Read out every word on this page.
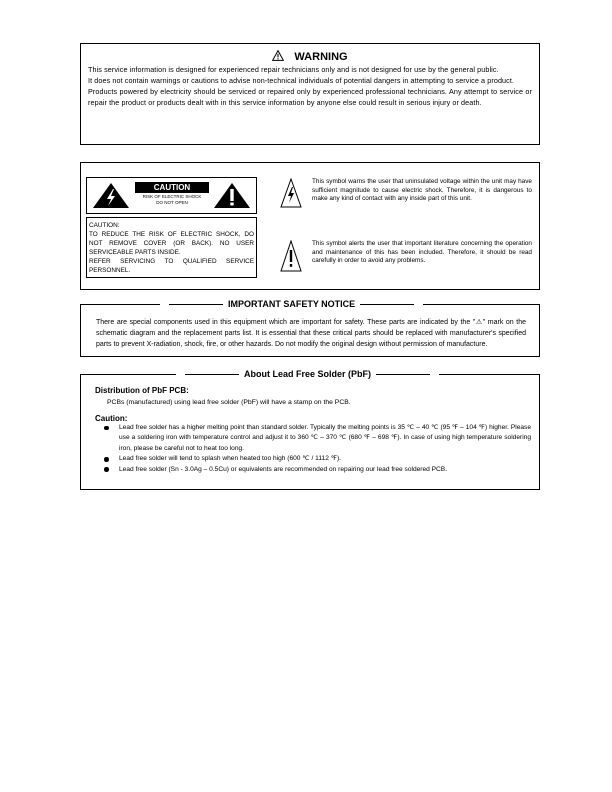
WARNING

This service information is designed for experienced repair technicians only and is not designed for use by the general public.

It does not contain warnings or cautions to advise non-technical individuals of potential dangers in attempting to service a product.

Products powered by electricity should be serviced or repaired only by experienced professional technicians. Any attempt to service or repair the product or products dealt with in this service information by anyone else could result in serious injury or death.

CAUTION
RISK OF ELECTRIC SHOCK
DO NOT OPEN

CAUTION:

TO REDUCE THE RISK OF ELECTRIC SHOCK, DO NOT REMOVE COVER (OR BACK). NO USER SERVICEABLE PARTS INSIDE.

REFER SERVICING TO QUALIFIED SERVICE PERSONNEL.

This symbol warns the user that uninsulated voltage within the unit may have sufficient magnitude to cause electric shock. Therefore, it is dangerous to make any kind of contact with any inside part of this unit.

This symbol alerts the user that important literature concerning the operation and maintenance of this has been included. Therefore, it should be read carefully in order to avoid any problems.

There are special components used in this equipment which are important for safety. These parts are indicated by the "⚠" mark on the schematic diagram and the replacement parts list. It is essential that these critical parts should be replaced with manufacturer's specified parts to prevent X-radiation, shock, fire, or other hazards. Do not modify the original design without permission of manufacture.

IMPORTANT SAFETY NOTICE
Distribution of PbF PCB:
PCBs (manufactured) using lead free solder (PbF) will have a stamp on the PCB.
Caution:
Lead free solder has a higher melting point than standard solder. Typically the melting points is 35 ℃ – 40 ℃ (95 ℉ – 104 ℉) higher. Please use a soldering iron with temperature control and adjust it to 360 ℃ – 370 ℃ (680 ℉ – 698 ℉). In case of using high temperature soldering iron, please be careful not to heat too long.
Lead free solder will tend to splash when heated too high (600 ℃ / 1112 ℉).
Lead free solder (Sn - 3.0Ag – 0.5Cu) or equivalents are recommended on repairing our lead free soldered PCB.
About Lead Free Solder (PbF)
